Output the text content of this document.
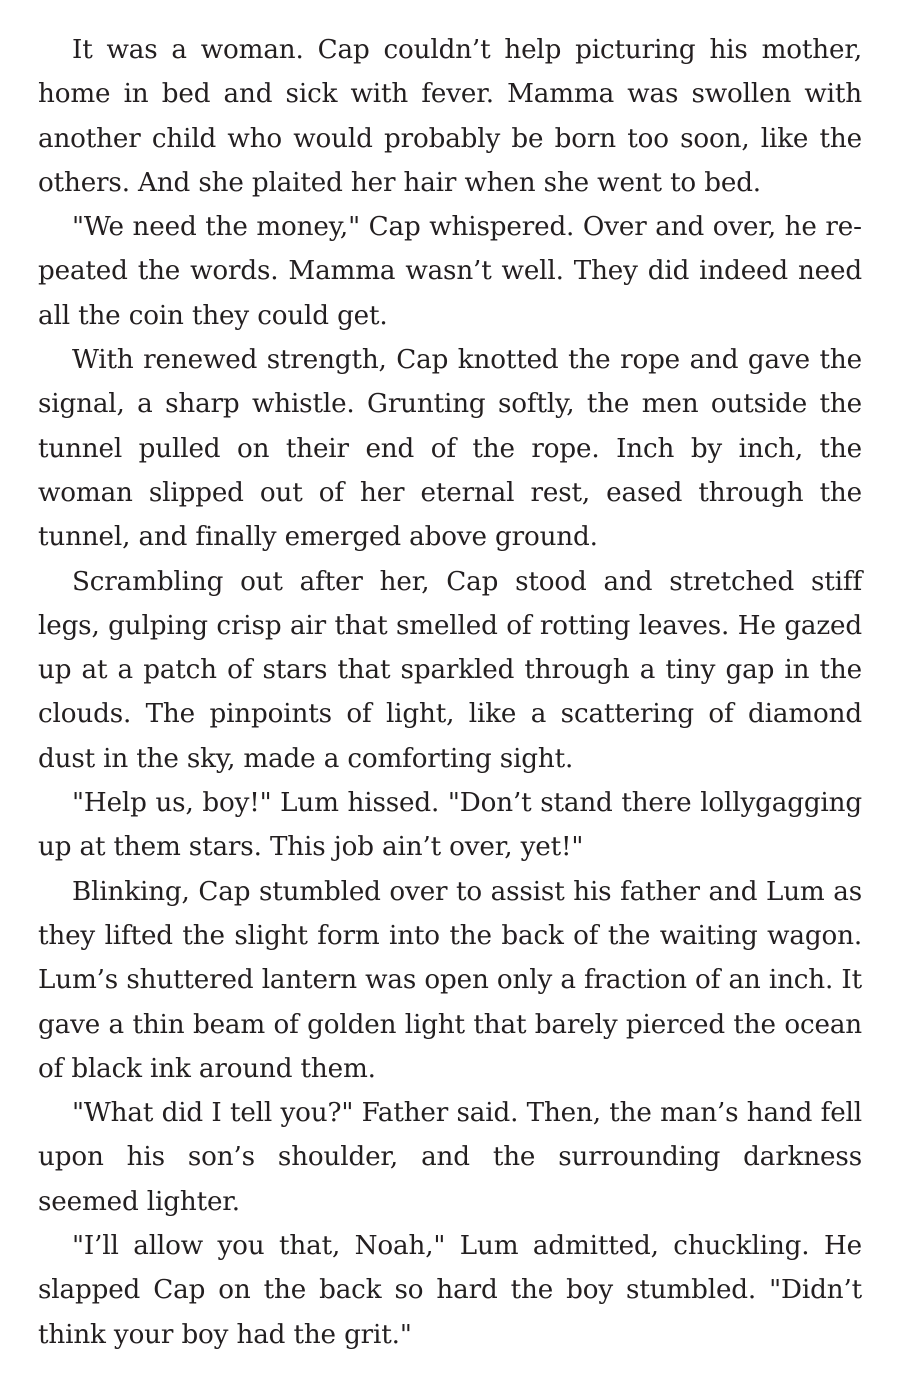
It was a woman. Cap couldn’t help picturing his mother, home in bed and sick with fever. Mamma was swollen with another child who would probably be born too soon, like the others. And she plaited her hair when she went to bed.

"We need the money," Cap whispered. Over and over, he repeated the words. Mamma wasn’t well. They did indeed need all the coin they could get.

With renewed strength, Cap knotted the rope and gave the signal, a sharp whistle. Grunting softly, the men outside the tunnel pulled on their end of the rope. Inch by inch, the woman slipped out of her eternal rest, eased through the tunnel, and finally emerged above ground.

Scrambling out after her, Cap stood and stretched stiff legs, gulping crisp air that smelled of rotting leaves. He gazed up at a patch of stars that sparkled through a tiny gap in the clouds. The pinpoints of light, like a scattering of diamond dust in the sky, made a comforting sight.

"Help us, boy!" Lum hissed. "Don’t stand there lollygagging up at them stars. This job ain’t over, yet!"

Blinking, Cap stumbled over to assist his father and Lum as they lifted the slight form into the back of the waiting wagon. Lum’s shuttered lantern was open only a fraction of an inch. It gave a thin beam of golden light that barely pierced the ocean of black ink around them.

"What did I tell you?" Father said. Then, the man’s hand fell upon his son’s shoulder, and the surrounding darkness seemed lighter.

"I’ll allow you that, Noah," Lum admitted, chuckling. He slapped Cap on the back so hard the boy stumbled. "Didn’t think your boy had the grit."
